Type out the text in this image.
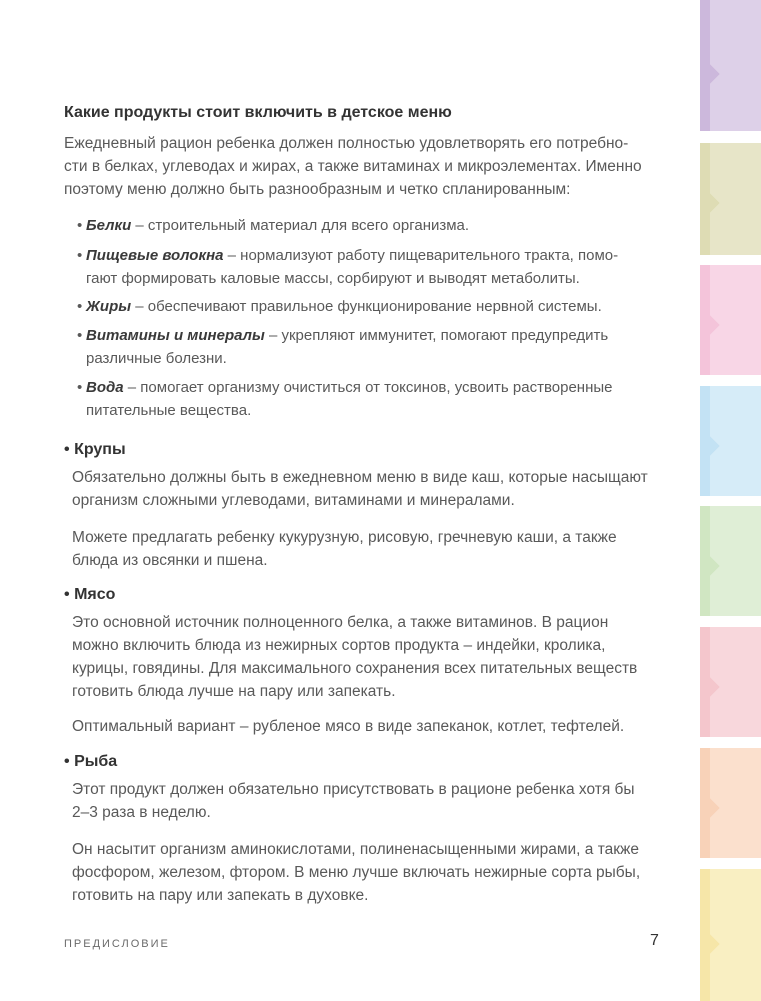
Какие продукты стоит включить в детское меню

Ежедневный рацион ребенка должен полностью удовлетворять его потребно-

сти в белках, углеводах и жирах, а также витаминах и микроэлементах. Именно

поэтому меню должно быть разнообразным и четко спланированным:

• Белки – строительный материал для всего организма.

• Пищевые волокна – нормализуют работу пищеварительного тракта, помо-

гают формировать каловые массы, сорбируют и выводят метаболиты.

• Жиры – обеспечивают правильное функционирование нервной системы.

• Витамины и минералы – укрепляют иммунитет, помогают предупредить

различные болезни.

• Вода – помогает организму очиститься от токсинов, усвоить растворенные

питательные вещества.

• Крупы

Обязательно должны быть в ежедневном меню в виде каш, которые насыщают

организм сложными углеводами, витаминами и минералами.

Можете предлагать ребенку кукурузную, рисовую, гречневую каши, а также

блюда из овсянки и пшена.

• Мясо

Это основной источник полноценного белка, а также витаминов. В рацион

можно включить блюда из нежирных сортов продукта – индейки, кролика,

курицы, говядины. Для максимального сохранения всех питательных веществ

готовить блюда лучше на пару или запекать.

Оптимальный вариант – рубленое мясо в виде запеканок, котлет, тефтелей.

• Рыба

Этот продукт должен обязательно присутствовать в рационе ребенка хотя бы

2–3 раза в неделю.

Он насытит организм аминокислотами, полиненасыщенными жирами, а также

фосфором, железом, фтором. В меню лучше включать нежирные сорта рыбы,

готовить на пару или запекать в духовке.

ПРЕДИСЛОВИЕ	7
